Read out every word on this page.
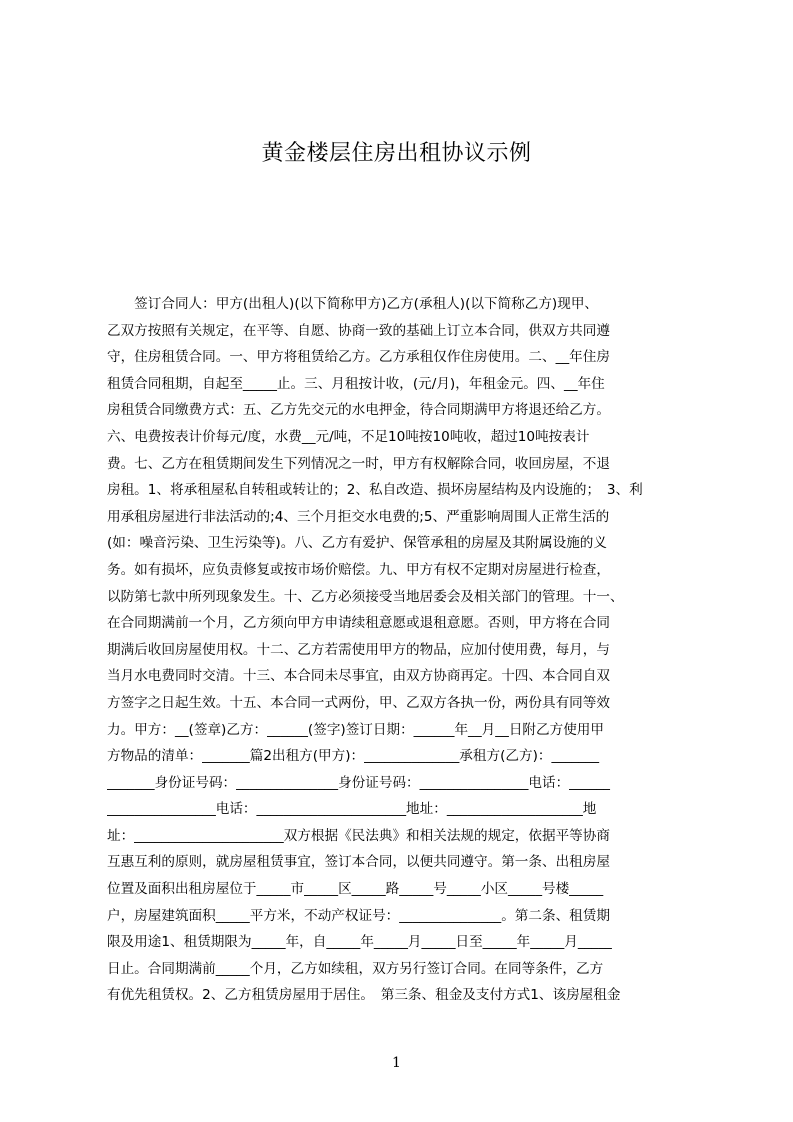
黄金楼层住房出租协议示例
　　签订合同人：甲方(出租人)(以下简称甲方)乙方(承租人)(以下简称乙方)现甲、
乙双方按照有关规定，在平等、自愿、协商一致的基础上订立本合同，供双方共同遵
守，住房租赁合同。一、甲方将租赁给乙方。乙方承租仅作住房使用。二、__年住房
租赁合同租期，自起至_____止。三、月租按计收，(元/月)，年租金元。四、__年住
房租赁合同缴费方式：五、乙方先交元的水电押金，待合同期满甲方将退还给乙方。
六、电费按表计价每元/度，水费__元/吨，不足10吨按10吨收，超过10吨按表计
费。七、乙方在租赁期间发生下列情况之一时，甲方有权解除合同，收回房屋，不退
房租。1、将承租屋私自转租或转让的；2、私自改造、损坏房屋结构及内设施的；　3、利
用承租房屋进行非法活动的;4、三个月拒交水电费的;5、严重影响周围人正常生活的
(如：噪音污染、卫生污染等)。八、乙方有爱护、保管承租的房屋及其附属设施的义
务。如有损坏，应负责修复或按市场价赔偿。九、甲方有权不定期对房屋进行检查，
以防第七款中所列现象发生。十、乙方必须接受当地居委会及相关部门的管理。十一、
在合同期满前一个月，乙方须向甲方申请续租意愿或退租意愿。否则，甲方将在合同
期满后收回房屋使用权。十二、乙方若需使用甲方的物品，应加付使用费，每月，与
当月水电费同时交清。十三、本合同未尽事宜，由双方协商再定。十四、本合同自双
方签字之日起生效。十五、本合同一式两份，甲、乙双方各执一份，两份具有同等效
力。甲方：__(签章)乙方：______(签字)签订日期：______年__月__日附乙方使用甲
方物品的清单：_______篇2出租方(甲方)：______________承租方(乙方)：_______
_______身份证号码：_______________身份证号码：________________电话：______
________________电话：______________________地址：____________________地
址：______________________双方根据《民法典》和相关法规的规定，依据平等协商
互惠互利的原则，就房屋租赁事宜，签订本合同，以便共同遵守。第一条、出租房屋
位置及面积出租房屋位于_____市_____区_____路_____号_____小区_____号楼_____
户，房屋建筑面积_____平方米，不动产权证号：_______________。第二条、租赁期
限及用途1、租赁期限为_____年，自_____年_____月_____日至_____年_____月_____
日止。合同期满前_____个月，乙方如续租，双方另行签订合同。在同等条件，乙方
有优先租赁权。2、乙方租赁房屋用于居住。　第三条、租金及支付方式1、该房屋租金
1
